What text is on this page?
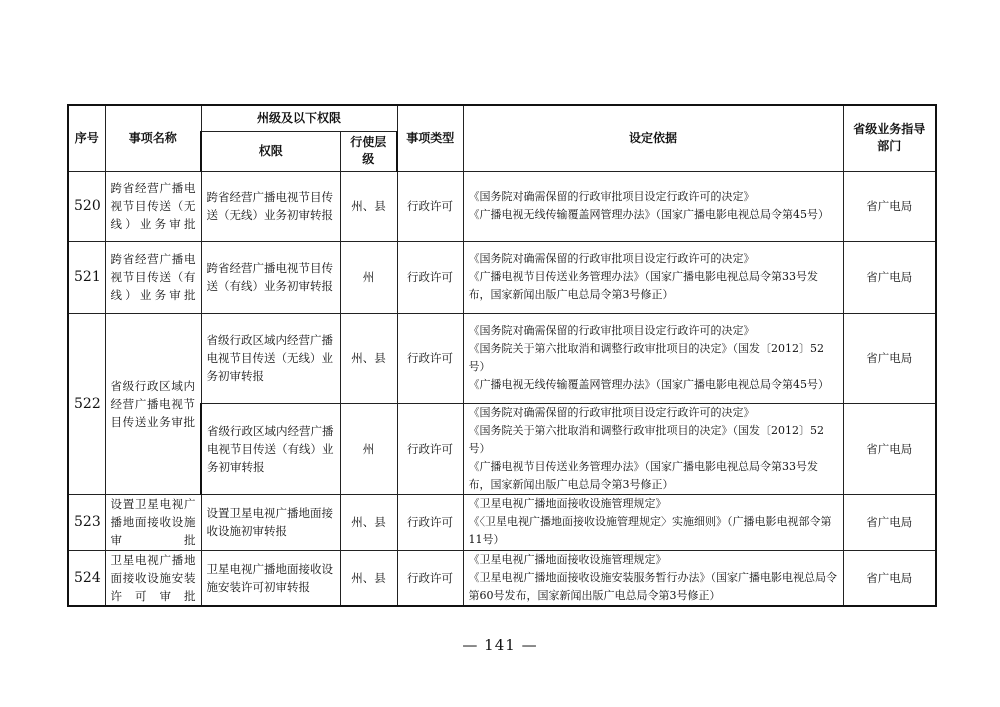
序号	事项名称	州级及以下权限		事项类型	设定依据	省级业务指导部门
		权限	行使层级			
520	跨省经营广播电视节目传送（无线）业务审批	跨省经营广播电视节目传送（无线）业务初审转报	州、县	行政许可	《国务院对确需保留的行政审批项目设定行政许可的决定》
《广播电视无线传输覆盖网管理办法》（国家广播电影电视总局令第45号）	省广电局
521	跨省经营广播电视节目传送（有线）业务审批	跨省经营广播电视节目传送（有线）业务初审转报	州	行政许可	《国务院对确需保留的行政审批项目设定行政许可的决定》
《广播电视节目传送业务管理办法》（国家广播电影电视总局令第33号发布，国家新闻出版广电总局令第3号修正）	省广电局
522	省级行政区域内经营广播电视节目传送业务审批	省级行政区域内经营广播电视节目传送（无线）业务初审转报	州、县	行政许可	《国务院对确需保留的行政审批项目设定行政许可的决定》
《国务院关于第六批取消和调整行政审批项目的决定》（国发〔2012〕52号）
《广播电视无线传输覆盖网管理办法》（国家广播电影电视总局令第45号）	省广电局
		省级行政区域内经营广播电视节目传送（有线）业务初审转报	州	行政许可	《国务院对确需保留的行政审批项目设定行政许可的决定》
《国务院关于第六批取消和调整行政审批项目的决定》（国发〔2012〕52号）
《广播电视节目传送业务管理办法》（国家广播电影电视总局令第33号发布，国家新闻出版广电总局令第3号修正）	省广电局
523	设置卫星电视广播地面接收设施审批	设置卫星电视广播地面接收设施初审转报	州、县	行政许可	《卫星电视广播地面接收设施管理规定》
《〈卫星电视广播地面接收设施管理规定〉实施细则》（广播电影电视部令第11号）	省广电局
524	卫星电视广播地面接收设施安装许可审批	卫星电视广播地面接收设施安装许可初审转报	州、县	行政许可	《卫星电视广播地面接收设施管理规定》
《卫星电视广播地面接收设施安装服务暂行办法》（国家广播电影电视总局令第60号发布，国家新闻出版广电总局令第3号修正）	省广电局
— 141 —
